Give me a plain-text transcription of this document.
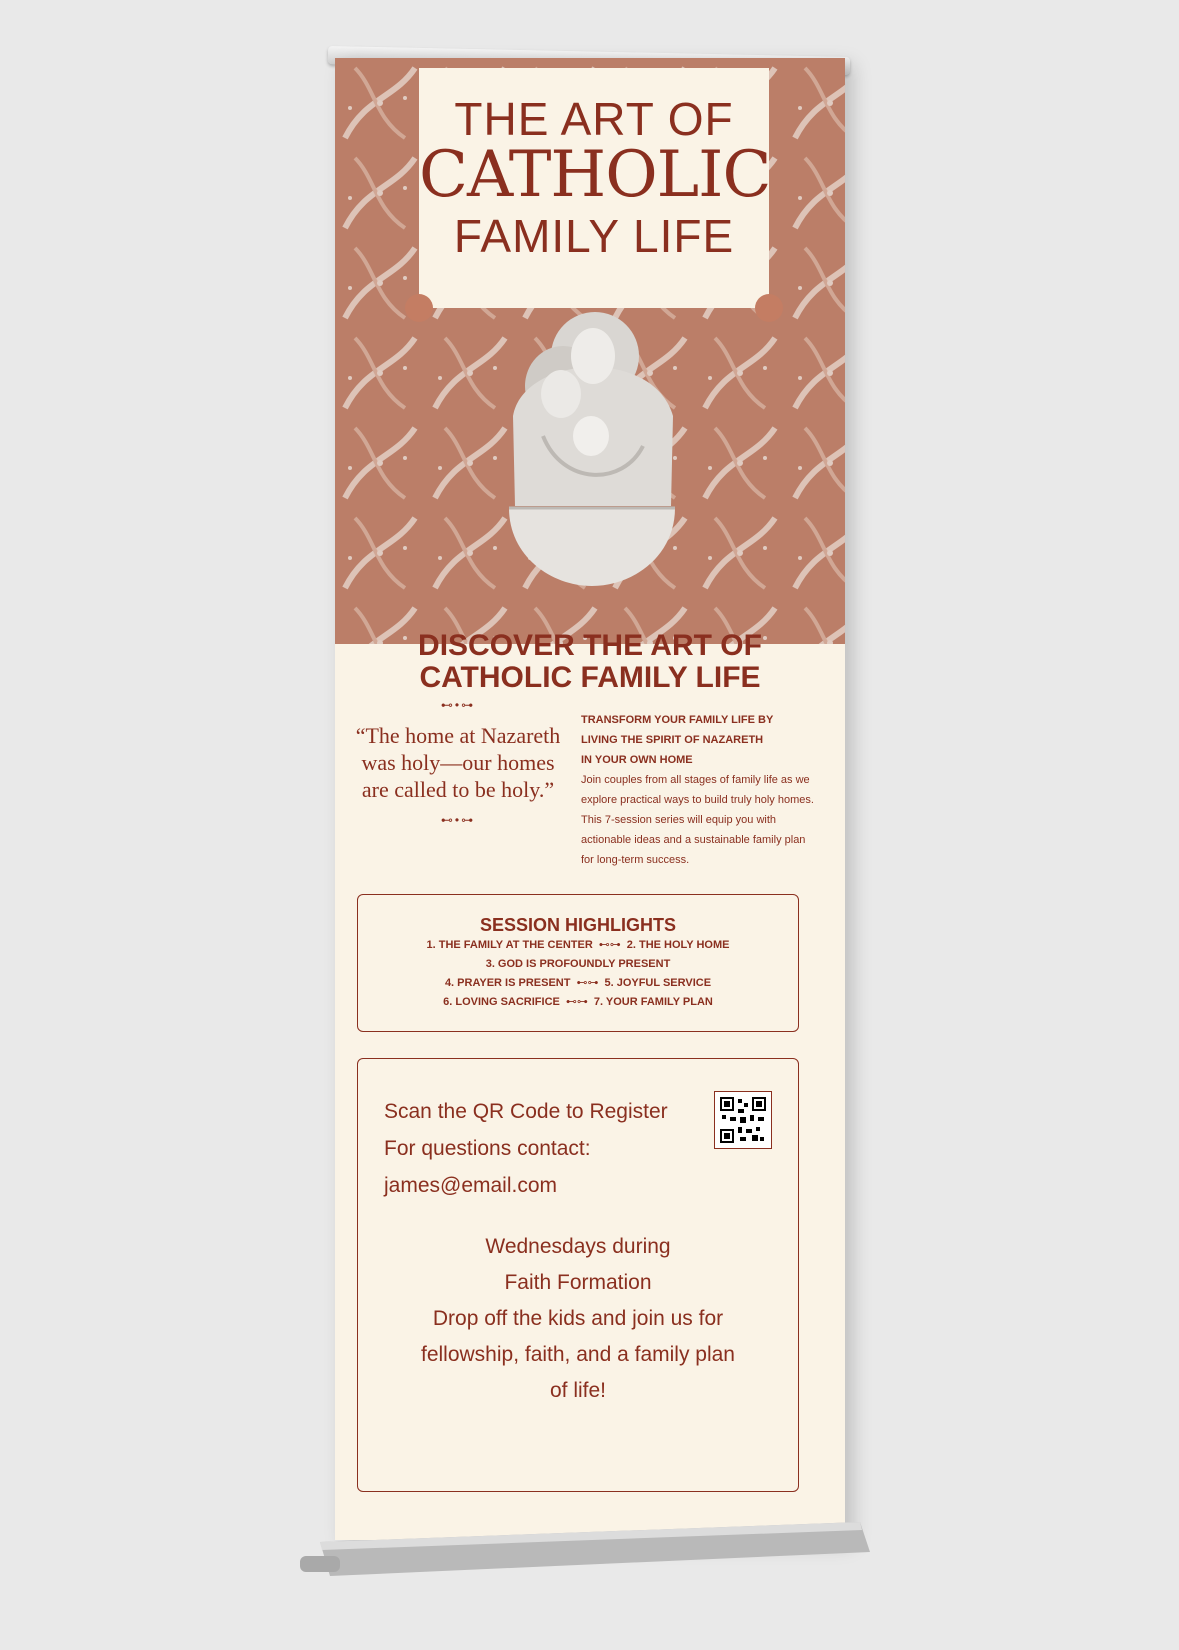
THE ART OF
CATHOLIC
FAMILY LIFE
DISCOVER THE ART OF
CATHOLIC FAMILY LIFE
⊷•⊶
“The home at Nazareth was holy—our homes are called to be holy.”
⊷•⊶
TRANSFORM YOUR FAMILY LIFE BY
LIVING THE SPIRIT OF NAZARETH
IN YOUR OWN HOME
Join couples from all stages of family life as we explore practical ways to build truly holy homes. This 7-session series will equip you with actionable ideas and a sustainable family plan for long-term success.
SESSION HIGHLIGHTS
1. THE FAMILY AT THE CENTER ⊷⊶ 2. THE HOLY HOME
3. GOD IS PROFOUNDLY PRESENT
4. PRAYER IS PRESENT ⊷⊶ 5. JOYFUL SERVICE
6. LOVING SACRIFICE ⊷⊶ 7. YOUR FAMILY PLAN
Scan the QR Code to Register
For questions contact:
james@email.com
Wednesdays during
Faith Formation
Drop off the kids and join us for fellowship, faith, and a family plan of life!
